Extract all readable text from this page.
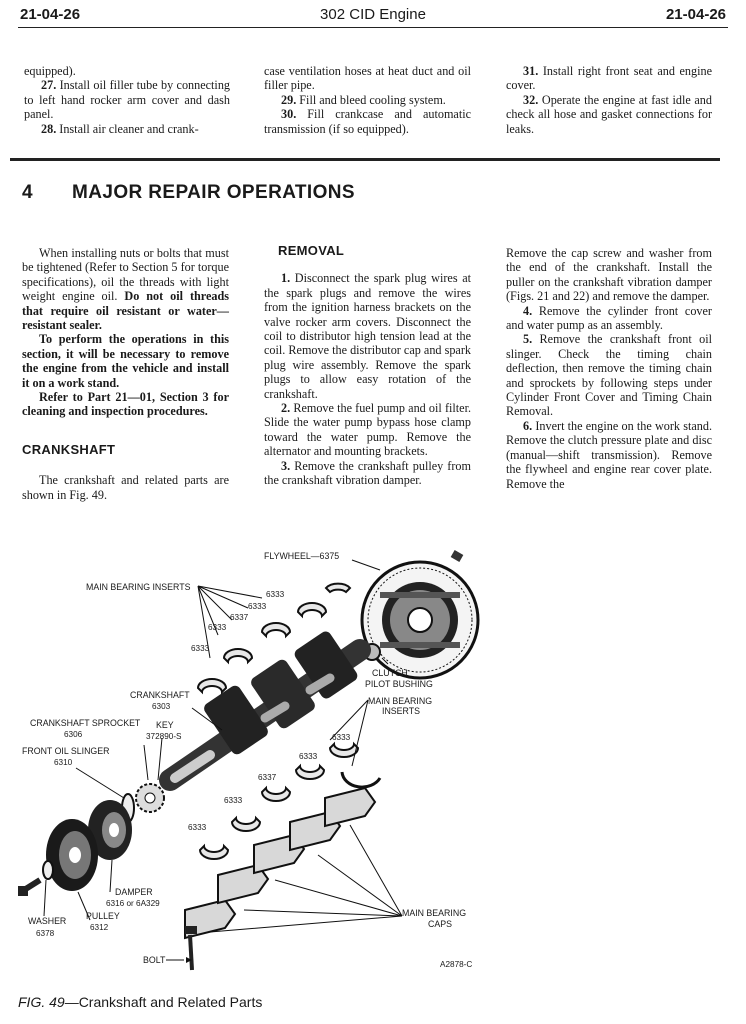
21-04-26	302 CID Engine	21-04-26

equipped).

27. Install oil filler tube by connecting to left hand rocker arm cover and dash panel.

28. Install air cleaner and crank-

case ventilation hoses at heat duct and oil filler pipe.

29. Fill and bleed cooling system.

30. Fill crankcase and automatic transmission (if so equipped).

31. Install right front seat and engine cover.

32. Operate the engine at fast idle and check all hose and gasket connections for leaks.

4 MAJOR REPAIR OPERATIONS

When installing nuts or bolts that must be tightened (Refer to Section 5 for torque specifications), oil the threads with light weight engine oil. Do not oil threads that require oil resistant or water—resistant sealer.

To perform the operations in this section, it will be necessary to remove the engine from the vehicle and install it on a work stand.

Refer to Part 21—01, Section 3 for cleaning and inspection procedures.

CRANKSHAFT

The crankshaft and related parts are shown in Fig. 49.

REMOVAL

1. Disconnect the spark plug wires at the spark plugs and remove the wires from the ignition harness brackets on the valve rocker arm covers. Disconnect the coil to distributor high tension lead at the coil. Remove the distributor cap and spark plug wire assembly. Remove the spark plugs to allow easy rotation of the crankshaft.

2. Remove the fuel pump and oil filter. Slide the water pump bypass hose clamp toward the water pump. Remove the alternator and mounting brackets.

3. Remove the crankshaft pulley from the crankshaft vibration damper.

Remove the cap screw and washer from the end of the crankshaft. Install the puller on the crankshaft vibration damper (Figs. 21 and 22) and remove the damper.

4. Remove the cylinder front cover and water pump as an assembly.

5. Remove the crankshaft front oil slinger. Check the timing chain deflection, then remove the timing chain and sprockets by following steps under Cylinder Front Cover and Timing Chain Removal.

6. Invert the engine on the work stand. Remove the clutch pressure plate and disc (manual—shift transmission). Remove the flywheel and engine rear cover plate. Remove the

FLYWHEEL—6375
MAIN BEARING INSERTS
6333
6333
6337
6333
6333
CLUTCH
PILOT BUSHING
CRANKSHAFT
6303
MAIN BEARING
INSERTS
CRANKSHAFT SPROCKET
6306
KEY
372890-S	6333
FRONT OIL SLINGER
6310
6333
6337
6333
6333
DAMPER
6316 or 6A329
MAIN BEARING
CAPS
PULLEY
6312
WASHER
6378
BOLT	A2878-C
FIG. 49—Crankshaft and Related Parts
